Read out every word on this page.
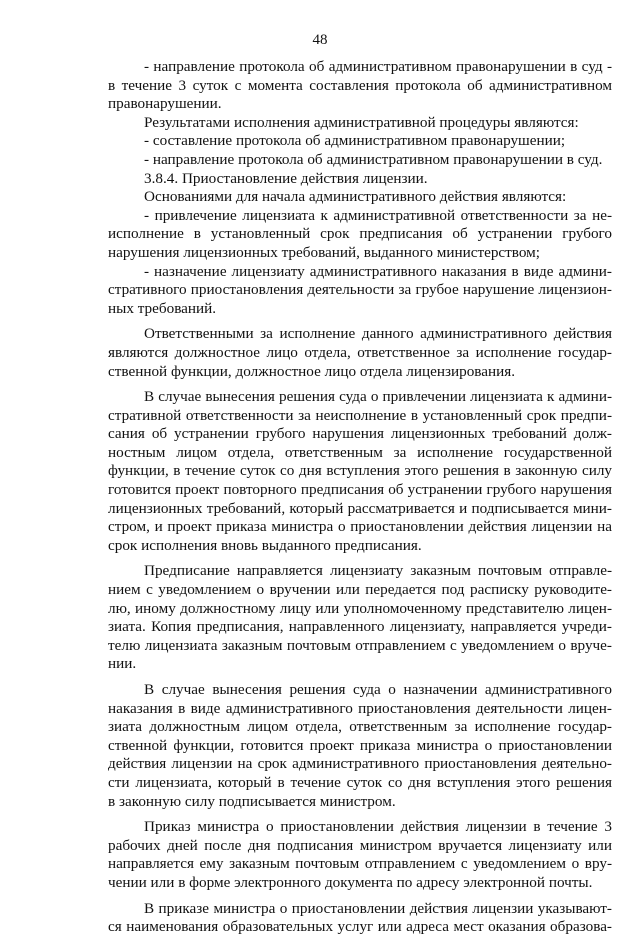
48
- направление протокола об административном правонарушении в суд -
в течение 3 суток с момента составления протокола об административном
правонарушении.
Результатами исполнения административной процедуры являются:
- составление протокола об административном правонарушении;
- направление протокола об административном правонарушении в суд.
3.8.4. Приостановление действия лицензии.
Основаниями для начала административного действия являются:
- привлечение лицензиата к административной ответственности за не-
исполнение в установленный срок предписания об устранении грубого
нарушения лицензионных требований, выданного министерством;
- назначение лицензиату административного наказания в виде админи-
стративного приостановления деятельности за грубое нарушение лицензион-
ных требований.
Ответственными за исполнение данного административного действия
являются должностное лицо отдела, ответственное за исполнение государ-
ственной функции, должностное лицо отдела лицензирования.
В случае вынесения решения суда о привлечении лицензиата к админи-
стративной ответственности за неисполнение в установленный срок предпи-
сания об устранении грубого нарушения лицензионных требований долж-
ностным лицом отдела, ответственным за исполнение государственной
функции, в течение суток со дня вступления этого решения в законную силу
готовится проект повторного предписания об устранении грубого нарушения
лицензионных требований, который рассматривается и подписывается мини-
стром, и проект приказа министра о приостановлении действия лицензии на
срок исполнения вновь выданного предписания.
Предписание направляется лицензиату заказным почтовым отправле-
нием с уведомлением о вручении или передается под расписку руководите-
лю, иному должностному лицу или уполномоченному представителю лицен-
зиата. Копия предписания, направленного лицензиату, направляется учреди-
телю лицензиата заказным почтовым отправлением с уведомлением о вруче-
нии.
В случае вынесения решения суда о назначении административного
наказания в виде административного приостановления деятельности лицен-
зиата должностным лицом отдела, ответственным за исполнение государ-
ственной функции, готовится проект приказа министра о приостановлении
действия лицензии на срок административного приостановления деятельно-
сти лицензиата, который в течение суток со дня вступления этого решения
в законную силу подписывается министром.
Приказ министра о приостановлении действия лицензии в течение 3
рабочих дней после дня подписания министром вручается лицензиату или
направляется ему заказным почтовым отправлением с уведомлением о вру-
чении или в форме электронного документа по адресу электронной почты.
В приказе министра о приостановлении действия лицензии указывают-
ся наименования образовательных услуг или адреса мест оказания образова-
